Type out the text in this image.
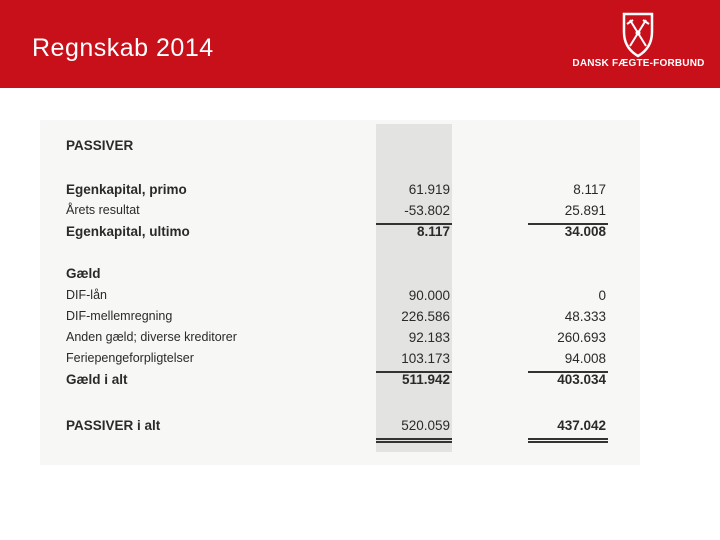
Regnskab 2014
DANSK FÆGTE-FORBUND
PASSIVER
Egenkapital, primo	61.919	8.117
Årets resultat	-53.802	25.891
Egenkapital, ultimo	8.117	34.008
Gæld
DIF-lån	90.000	0
DIF-mellemregning	226.586	48.333
Anden gæld; diverse kreditorer	92.183	260.693
Feriepengeforpligtelser	103.173	94.008
Gæld i alt	511.942	403.034
PASSIVER i alt	520.059	437.042
